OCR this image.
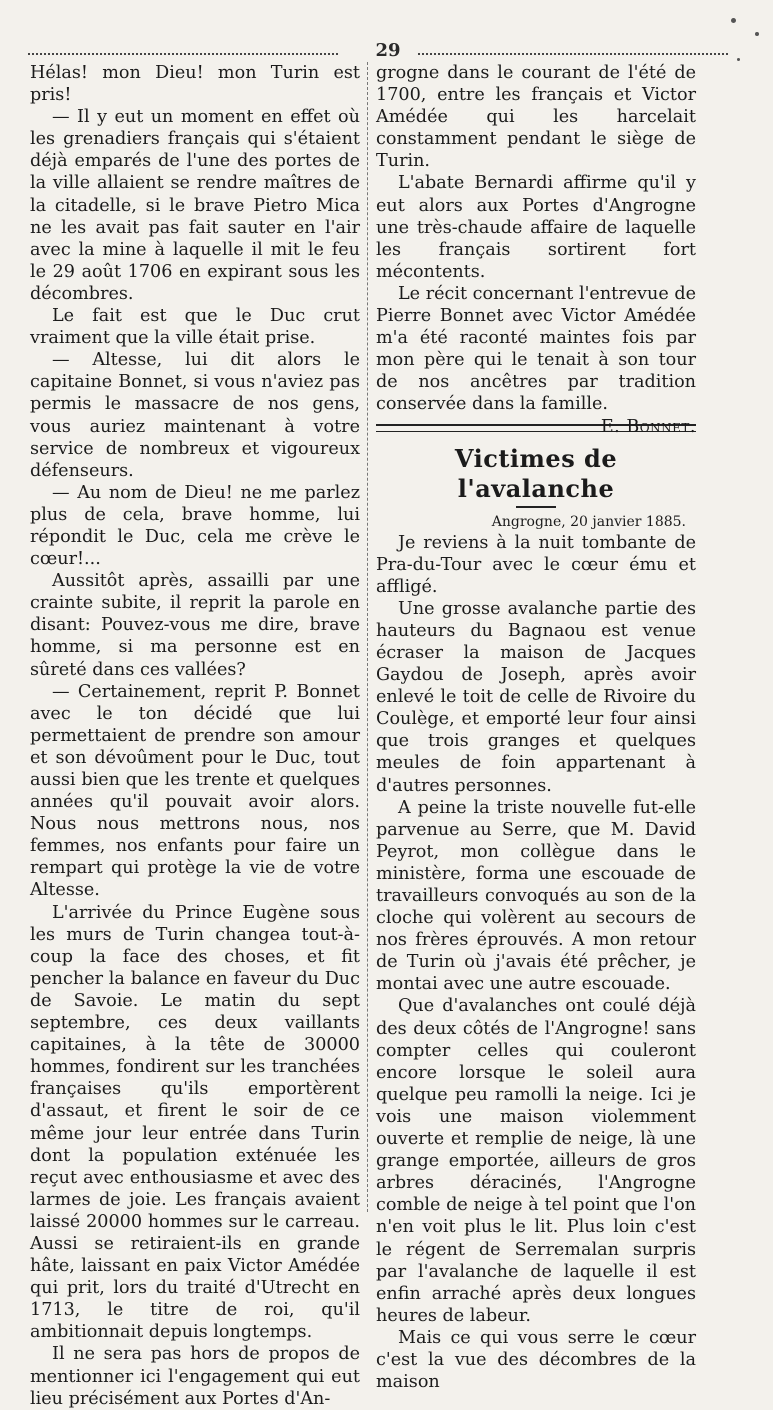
29

Hélas! mon Dieu! mon Turin est pris!

— Il y eut un moment en effet où les grenadiers français qui s'étaient déjà emparés de l'une des portes de la ville allaient se rendre maîtres de la citadelle, si le brave Pietro Mica ne les avait pas fait sauter en l'air avec la mine à laquelle il mit le feu le 29 août 1706 en expirant sous les décombres.

Le fait est que le Duc crut vraiment que la ville était prise.

— Altesse, lui dit alors le capitaine Bonnet, si vous n'aviez pas permis le massacre de nos gens, vous auriez maintenant à votre service de nombreux et vigoureux défenseurs.

— Au nom de Dieu! ne me parlez plus de cela, brave homme, lui répondit le Duc, cela me crève le cœur!...

Aussitôt après, assailli par une crainte subite, il reprit la parole en disant: Pouvez-vous me dire, brave homme, si ma personne est en sûreté dans ces vallées?

— Certainement, reprit P. Bonnet avec le ton décidé que lui permettaient de prendre son amour et son dévoûment pour le Duc, tout aussi bien que les trente et quelques années qu'il pouvait avoir alors. Nous nous mettrons nous, nos femmes, nos enfants pour faire un rempart qui protège la vie de votre Altesse.

L'arrivée du Prince Eugène sous les murs de Turin changea tout-à-coup la face des choses, et fit pencher la balance en faveur du Duc de Savoie. Le matin du sept septembre, ces deux vaillants capitaines, à la tête de 30000 hommes, fondirent sur les tranchées françaises qu'ils emportèrent d'assaut, et firent le soir de ce même jour leur entrée dans Turin dont la population exténuée les reçut avec enthousiasme et avec des larmes de joie. Les français avaient laissé 20000 hommes sur le carreau. Aussi se retiraient-ils en grande hâte, laissant en paix Victor Amédée qui prit, lors du traité d'Utrecht en 1713, le titre de roi, qu'il ambitionnait depuis longtemps.

Il ne sera pas hors de propos de mentionner ici l'engagement qui eut lieu précisément aux Portes d'An-

grogne dans le courant de l'été de 1700, entre les français et Victor Amédée qui les harcelait constamment pendant le siège de Turin.

L'abate Bernardi affirme qu'il y eut alors aux Portes d'Angrogne une très-chaude affaire de laquelle les français sortirent fort mécontents.

Le récit concernant l'entrevue de Pierre Bonnet avec Victor Amédée m'a été raconté maintes fois par mon père qui le tenait à son tour de nos ancêtres par tradition conservée dans la famille.
E. Bonnet.

Victimes de l'avalanche
Angrogne, 20 janvier 1885.

Je reviens à la nuit tombante de Pra-du-Tour avec le cœur ému et affligé.

Une grosse avalanche partie des hauteurs du Bagnaou est venue écraser la maison de Jacques Gaydou de Joseph, après avoir enlevé le toit de celle de Rivoire du Coulège, et emporté leur four ainsi que trois granges et quelques meules de foin appartenant à d'autres personnes.

A peine la triste nouvelle fut-elle parvenue au Serre, que M. David Peyrot, mon collègue dans le ministère, forma une escouade de travailleurs convoqués au son de la cloche qui volèrent au secours de nos frères éprouvés. A mon retour de Turin où j'avais été prêcher, je montai avec une autre escouade.

Que d'avalanches ont coulé déjà des deux côtés de l'Angrogne! sans compter celles qui couleront encore lorsque le soleil aura quelque peu ramolli la neige. Ici je vois une maison violemment ouverte et remplie de neige, là une grange emportée, ailleurs de gros arbres déracinés, l'Angrogne comble de neige à tel point que l'on n'en voit plus le lit. Plus loin c'est le régent de Serremalan surpris par l'avalanche de laquelle il est enfin arraché après deux longues heures de labeur.

Mais ce qui vous serre le cœur c'est la vue des décombres de la maison
